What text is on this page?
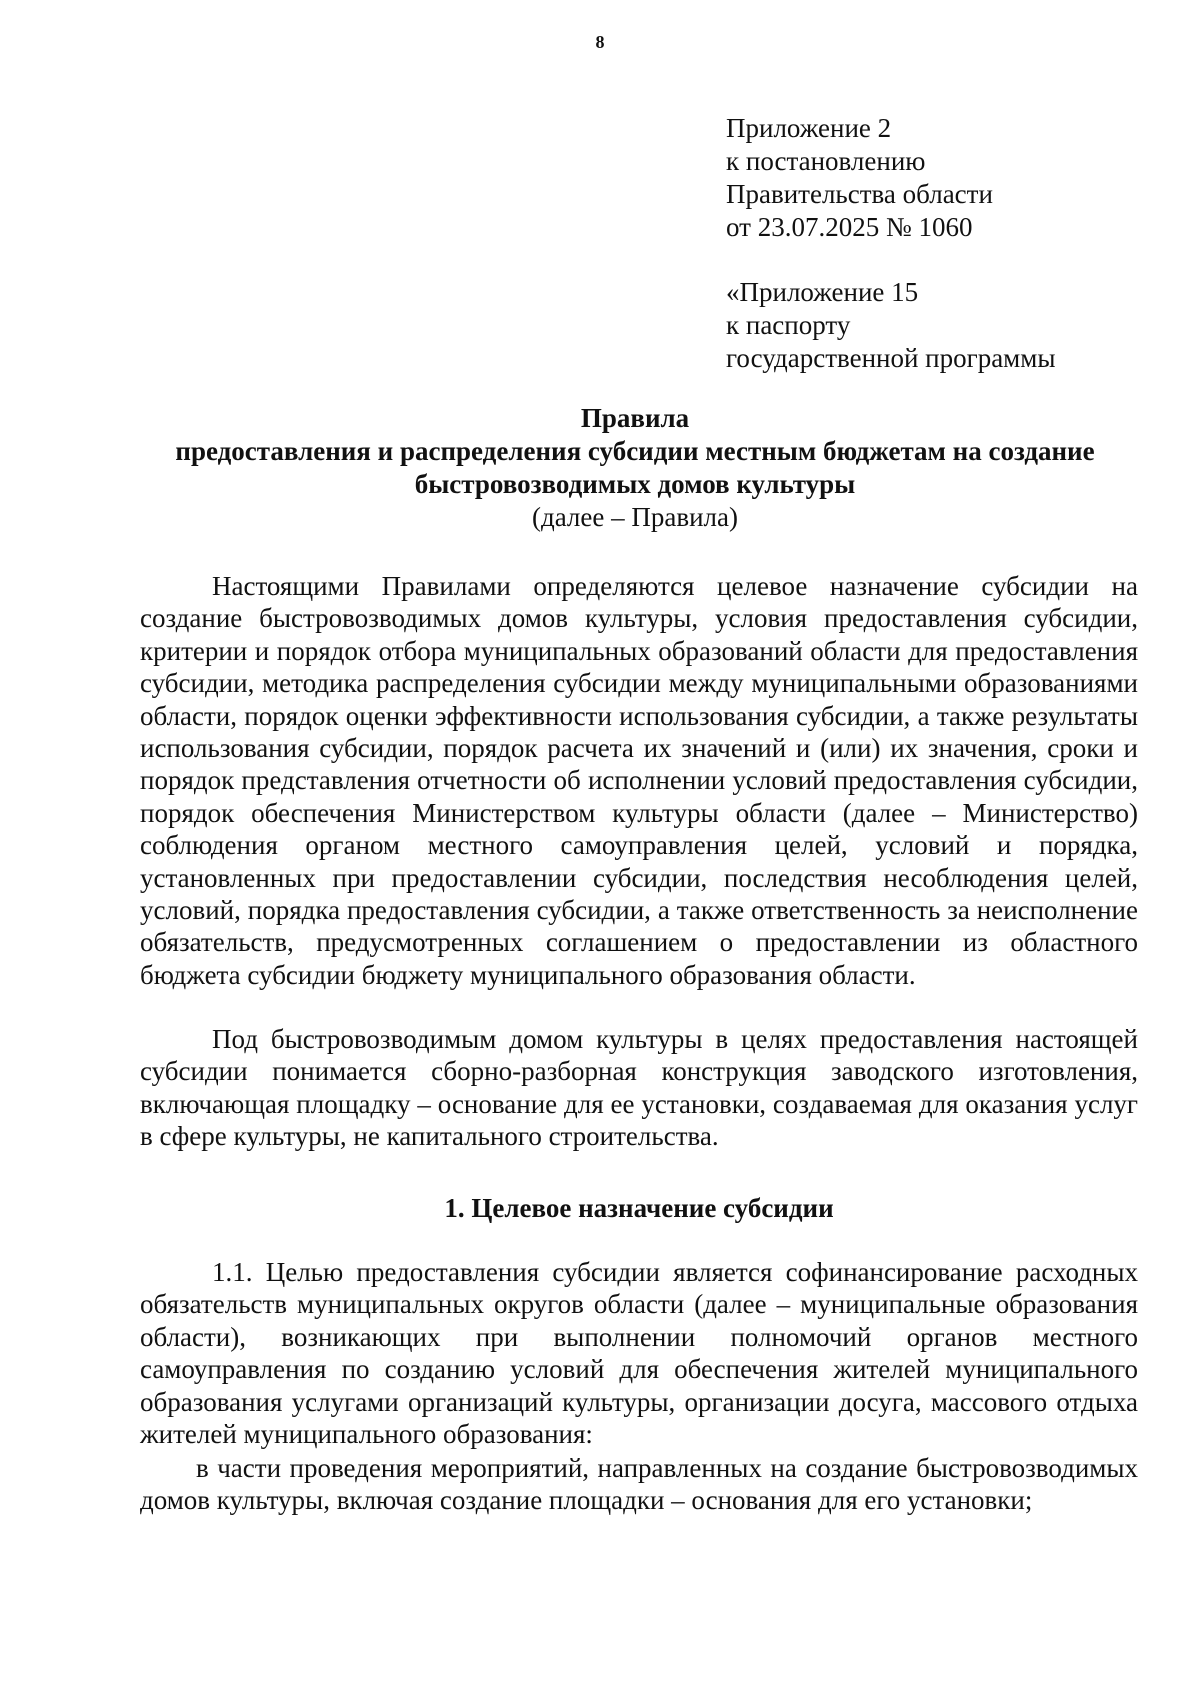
8
Приложение 2
к постановлению
Правительства области
от 23.07.2025 № 1060
«Приложение 15
к паспорту
государственной программы
Правила
предоставления и распределения субсидии местным бюджетам на создание
быстровозводимых домов культуры
(далее – Правила)

Настоящими Правилами определяются целевое назначение субсидии на создание быстровозводимых домов культуры, условия предоставления субсидии, критерии и порядок отбора муниципальных образований области для предоставления субсидии, методика распределения субсидии между муниципальными образованиями области, порядок оценки эффективности использования субсидии, а также результаты использования субсидии, порядок расчета их значений и (или) их значения, сроки и порядок представления отчетности об исполнении условий предоставления субсидии, порядок обеспечения Министерством культуры области (далее – Министерство) соблюдения органом местного самоуправления целей, условий и порядка, установленных при предоставлении субсидии, последствия несоблюдения целей, условий, порядка предоставления субсидии, а также ответственность за неисполнение обязательств, предусмотренных соглашением о предоставлении из областного бюджета субсидии бюджету муниципального образования области.

Под быстровозводимым домом культуры в целях предоставления настоящей субсидии понимается сборно-разборная конструкция заводского изготовления, включающая площадку – основание для ее установки, создаваемая для оказания услуг в сфере культуры, не капитального строительства.

1. Целевое назначение субсидии

1.1. Целью предоставления субсидии является софинансирование расходных обязательств муниципальных округов области (далее – муниципальные образования области), возникающих при выполнении полномочий органов местного самоуправления по созданию условий для обеспечения жителей муниципального образования услугами организаций культуры, организации досуга, массового отдыха жителей муниципального образования:

в части проведения мероприятий, направленных на создание быстровозводимых домов культуры, включая создание площадки – основания для его установки;
